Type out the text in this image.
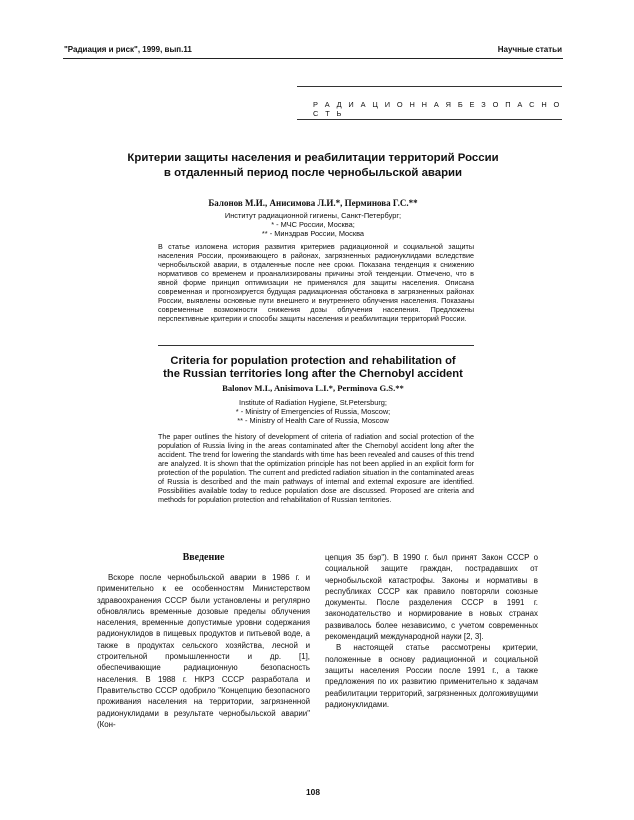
"Радиация и риск", 1999, вып.11	Научные статьи
Р А Д И А Ц И О Н Н А Я Б Е З О П А С Н О С Т Ь
Критерии защиты населения и реабилитации территорий России
в отдаленный период после чернобыльской аварии
Балонов М.И., Анисимова Л.И.*, Перминова Г.С.**
Институт радиационной гигиены, Санкт-Петербург;
* - МЧС России, Москва;
** - Минздрав России, Москва

В статье изложена история развития критериев радиационной и социальной защиты населения России, проживающего в районах, загрязненных радионуклидами вследствие чернобыльской аварии, в отдаленные после нее сроки. Показана тенденция к снижению нормативов со временем и проанализированы причины этой тенденции. Отмечено, что в явной форме принцип оптимизации не применялся для защиты населения. Описана современная и прогнозируется будущая радиационная обстановка в загрязненных районах России, выявлены основные пути внешнего и внутреннего облучения населения. Показаны современные возможности снижения дозы облучения населения. Предложены перспективные критерии и способы защиты населения и реабилитации территорий России.

Criteria for population protection and rehabilitation of
the Russian territories long after the Chernobyl accident
Balonov M.I., Anisimova L.I.*, Perminova G.S.**
Institute of Radiation Hygiene, St.Petersburg;
* - Ministry of Emergencies of Russia, Moscow;
** - Ministry of Health Care of Russia, Moscow

The paper outlines the history of development of criteria of radiation and social protection of the population of Russia living in the areas contaminated after the Chernobyl accident long after the accident. The trend for lowering the standards with time has been revealed and causes of this trend are analyzed. It is shown that the optimization principle has not been applied in an explicit form for protection of the population. The current and predicted radiation situation in the contaminated areas of Russia is described and the main pathways of internal and external exposure are identified. Possibilities available today to reduce population dose are discussed. Proposed are criteria and methods for population protection and rehabilitation of Russian territories.

Введение

Вскоре после чернобыльской аварии в 1986 г. и применительно к ее особенностям Министерством здравоохранения СССР были установлены и регулярно обновлялись временные дозовые пределы облучения населения, временные допустимые уровни содержания радионуклидов в пищевых продуктов и питьевой воде, а также в продуктах сельского хозяйства, лесной и строительной промышленности и др. [1], обеспечивающие радиационную безопасность населения. В 1988 г. НКРЗ СССР разработала и Правительство СССР одобрило "Концепцию безопасного проживания населения на территории, загрязненной радионуклидами в результате чернобыльской аварии" (Кон-

цепция 35 бэр"). В 1990 г. был принят Закон СССР о социальной защите граждан, пострадавших от чернобыльской катастрофы. Законы и нормативы в республиках СССР как правило повторяли союзные документы. После разделения СССР в 1991 г. законодательство и нормирование в новых странах развивалось более независимо, с учетом современных рекомендаций международной науки [2, 3].

В настоящей статье рассмотрены критерии, положенные в основу радиационной и социальной защиты населения России после 1991 г., а также предложения по их развитию применительно к задачам реабилитации территорий, загрязненных долгоживущими радионуклидами.

108
